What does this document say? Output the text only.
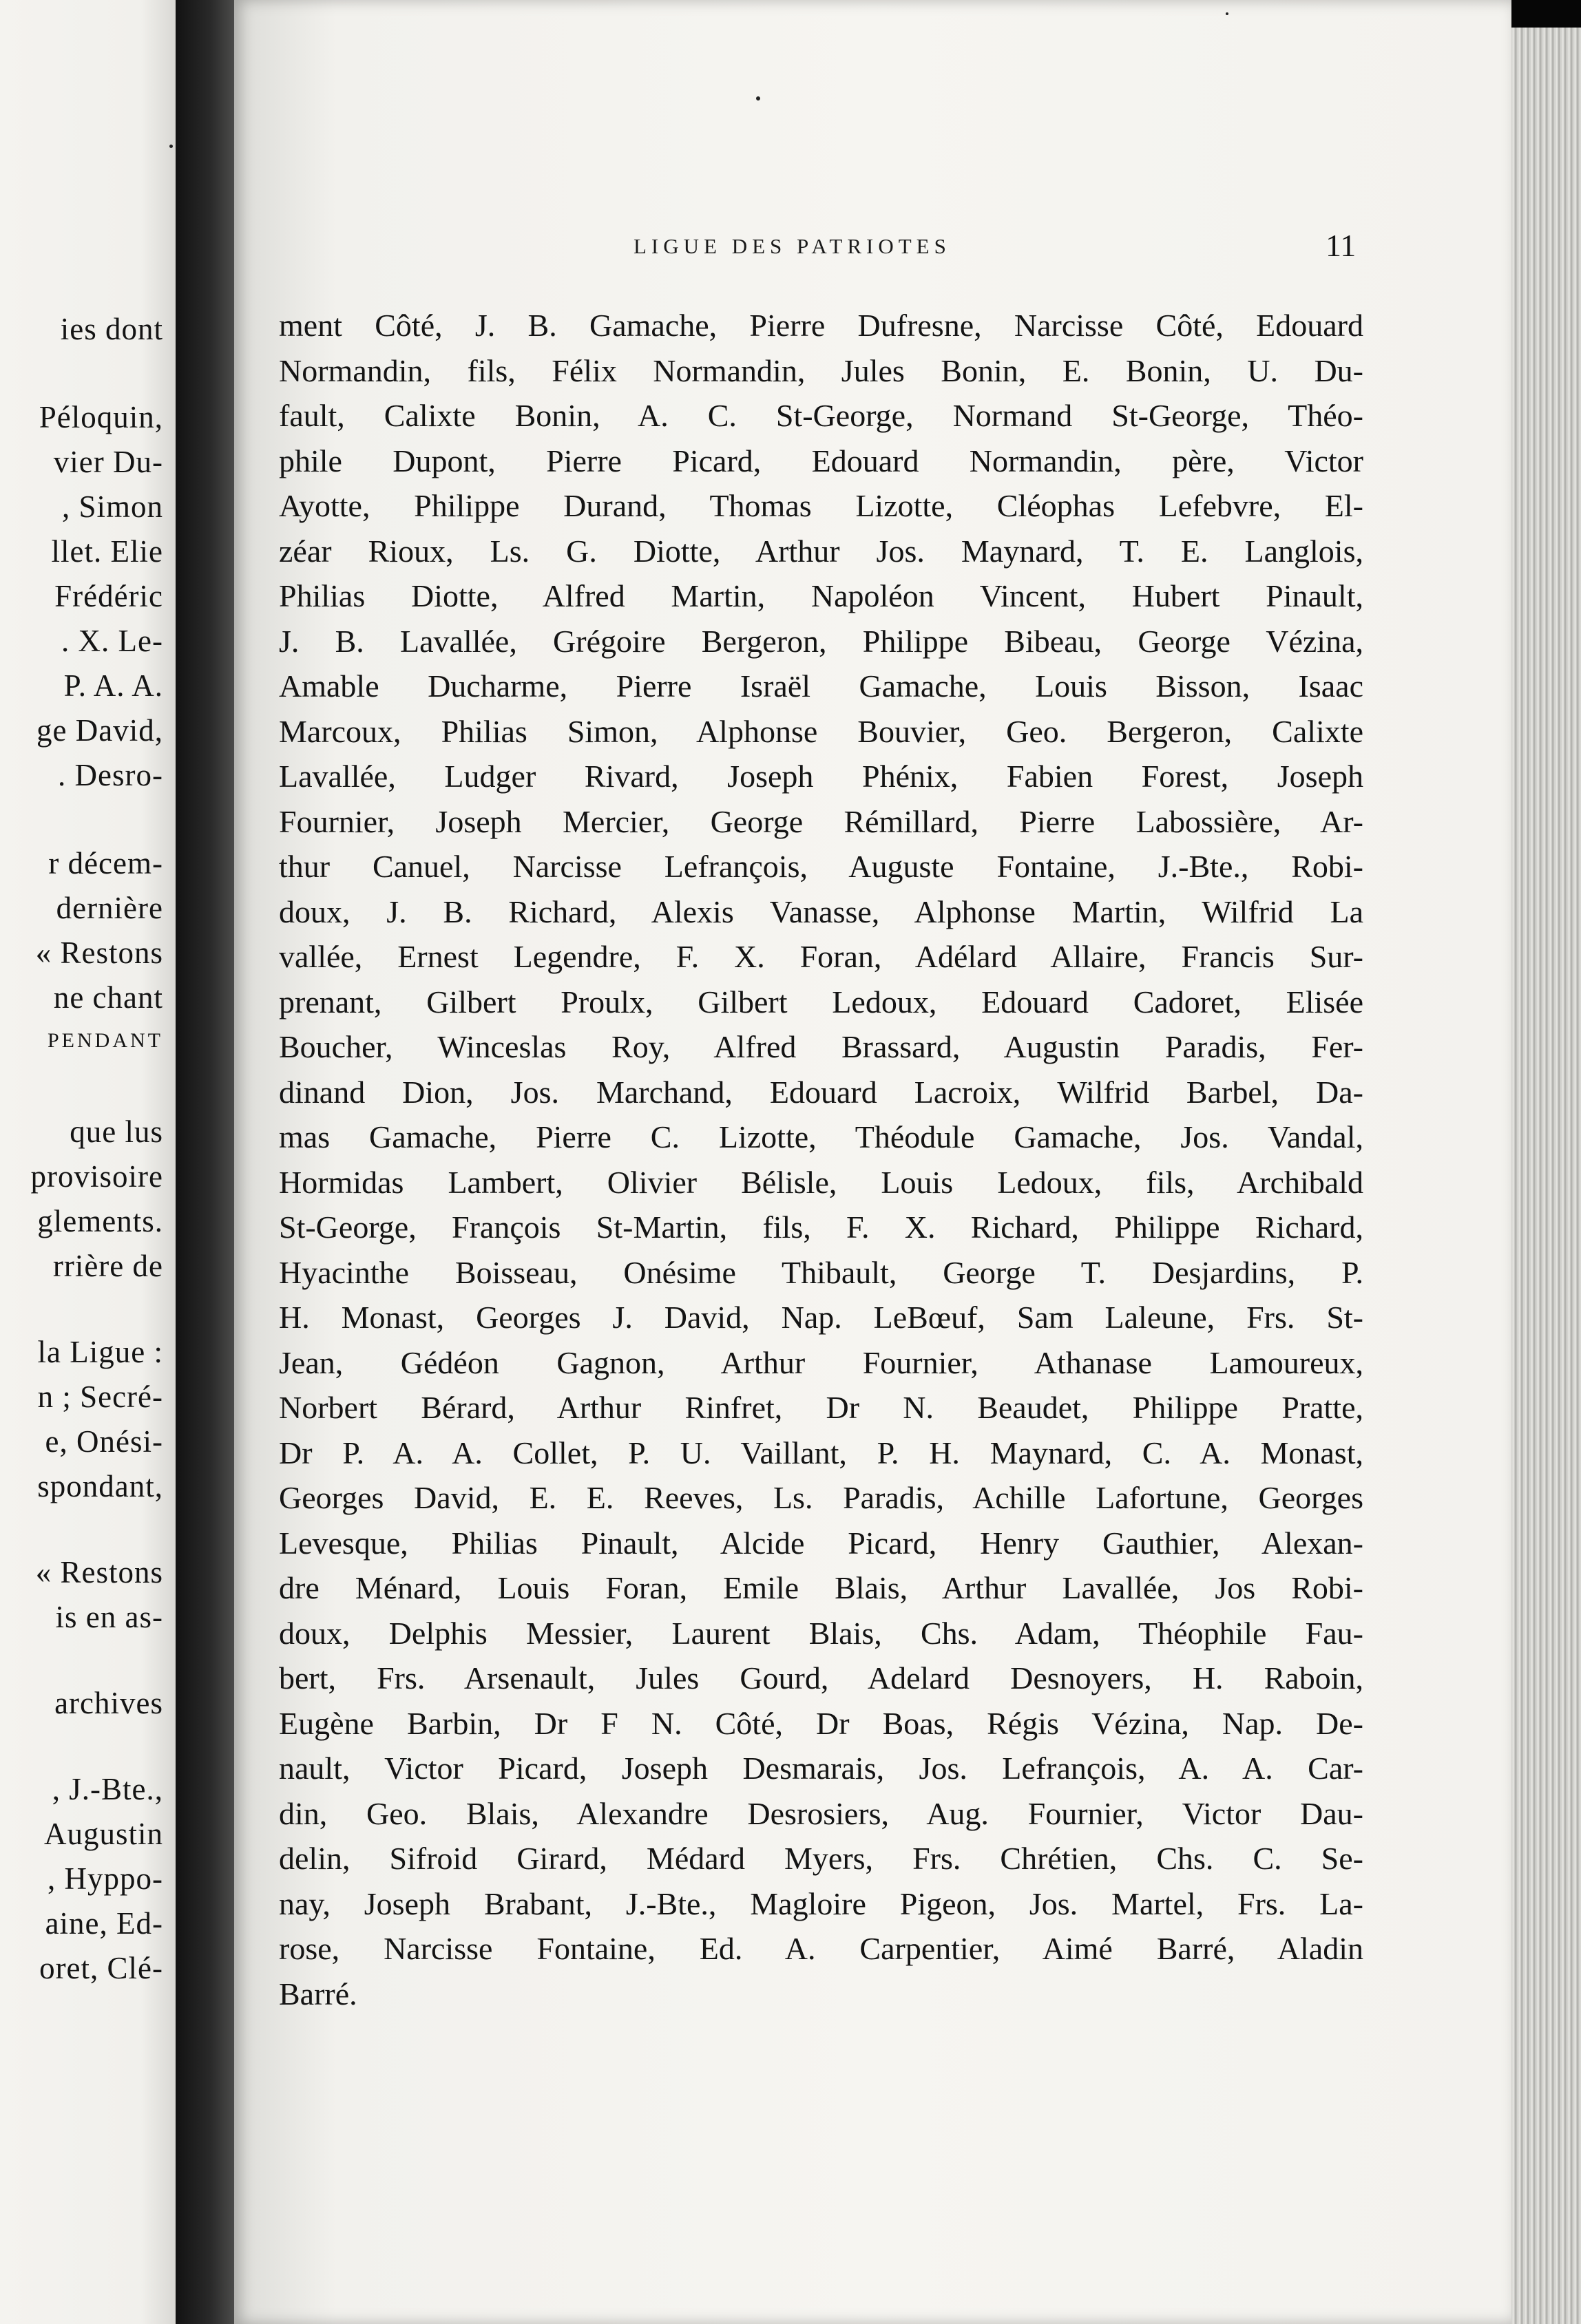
ies dont
Péloquin,
vier Du-
, Simon
llet. Elie
Frédéric
. X. Le-
P. A. A.
ge David,
. Desro-
r décem-
dernière
« Restons
ne chant
PENDANT
que lus
provisoire
glements.
rrière de
la Ligue :
n ; Secré-
e, Onési-
spondant,
« Restons
is en as-
archives
, J.-Bte.,
Augustin
, Hyppo-
aine, Ed-
oret, Clé-
LIGUE DES PATRIOTES	11
ment Côté, J. B. Gamache, Pierre Dufresne, Narcisse Côté, Edouard
Normandin, fils, Félix Normandin, Jules Bonin, E. Bonin, U. Du-
fault, Calixte Bonin, A. C. St-George, Normand St-George, Théo-
phile Dupont, Pierre Picard, Edouard Normandin, père, Victor
Ayotte, Philippe Durand, Thomas Lizotte, Cléophas Lefebvre, El-
zéar Rioux, Ls. G. Diotte, Arthur Jos. Maynard, T. E. Langlois,
Philias Diotte, Alfred Martin, Napoléon Vincent, Hubert Pinault,
J. B. Lavallée, Grégoire Bergeron, Philippe Bibeau, George Vézina,
Amable Ducharme, Pierre Israël Gamache, Louis Bisson, Isaac
Marcoux, Philias Simon, Alphonse Bouvier, Geo. Bergeron, Calixte
Lavallée, Ludger Rivard, Joseph Phénix, Fabien Forest, Joseph
Fournier, Joseph Mercier, George Rémillard, Pierre Labossière, Ar-
thur Canuel, Narcisse Lefrançois, Auguste Fontaine, J.-Bte., Robi-
doux, J. B. Richard, Alexis Vanasse, Alphonse Martin, Wilfrid La
vallée, Ernest Legendre, F. X. Foran, Adélard Allaire, Francis Sur-
prenant, Gilbert Proulx, Gilbert Ledoux, Edouard Cadoret, Elisée
Boucher, Winceslas Roy, Alfred Brassard, Augustin Paradis, Fer-
dinand Dion, Jos. Marchand, Edouard Lacroix, Wilfrid Barbel, Da-
mas Gamache, Pierre C. Lizotte, Théodule Gamache, Jos. Vandal,
Hormidas Lambert, Olivier Bélisle, Louis Ledoux, fils, Archibald
St-George, François St-Martin, fils, F. X. Richard, Philippe Richard,
Hyacinthe Boisseau, Onésime Thibault, George T. Desjardins, P.
H. Monast, Georges J. David, Nap. LeBœuf, Sam Laleune, Frs. St-
Jean, Gédéon Gagnon, Arthur Fournier, Athanase Lamoureux,
Norbert Bérard, Arthur Rinfret, Dr N. Beaudet, Philippe Pratte,
Dr P. A. A. Collet, P. U. Vaillant, P. H. Maynard, C. A. Monast,
Georges David, E. E. Reeves, Ls. Paradis, Achille Lafortune, Georges
Levesque, Philias Pinault, Alcide Picard, Henry Gauthier, Alexan-
dre Ménard, Louis Foran, Emile Blais, Arthur Lavallée, Jos Robi-
doux, Delphis Messier, Laurent Blais, Chs. Adam, Théophile Fau-
bert, Frs. Arsenault, Jules Gourd, Adelard Desnoyers, H. Raboin,
Eugène Barbin, Dr F N. Côté, Dr Boas, Régis Vézina, Nap. De-
nault, Victor Picard, Joseph Desmarais, Jos. Lefrançois, A. A. Car-
din, Geo. Blais, Alexandre Desrosiers, Aug. Fournier, Victor Dau-
delin, Sifroid Girard, Médard Myers, Frs. Chrétien, Chs. C. Se-
nay, Joseph Brabant, J.-Bte., Magloire Pigeon, Jos. Martel, Frs. La-
rose, Narcisse Fontaine, Ed. A. Carpentier, Aimé Barré, Aladin
Barré.
